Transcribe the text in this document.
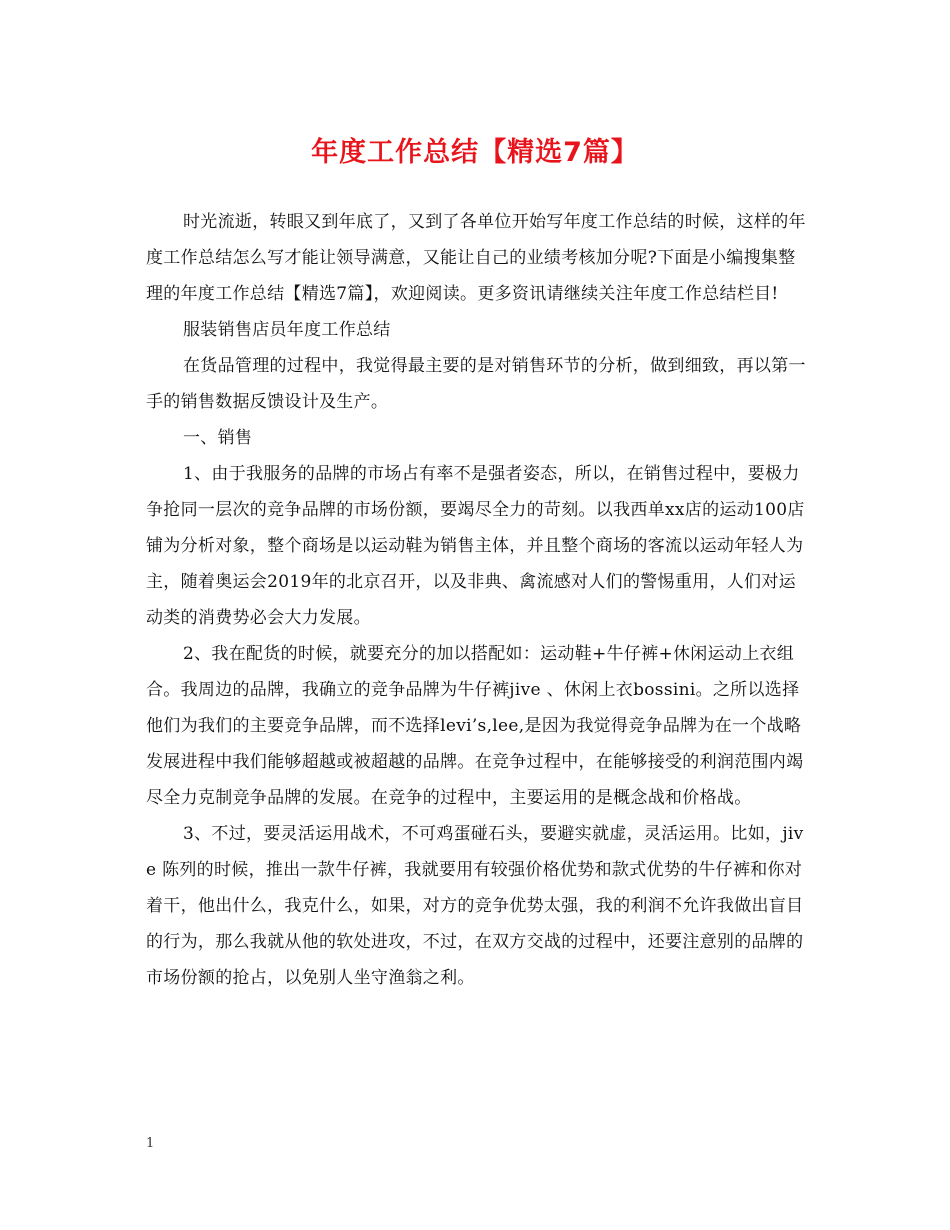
年度工作总结【精选7篇】

时光流逝，转眼又到年底了，又到了各单位开始写年度工作总结的时候，这样的年度工作总结怎么写才能让领导满意，又能让自己的业绩考核加分呢?下面是小编搜集整理的年度工作总结【精选7篇】，欢迎阅读。更多资讯请继续关注年度工作总结栏目!

服装销售店员年度工作总结

在货品管理的过程中，我觉得最主要的是对销售环节的分析，做到细致，再以第一手的销售数据反馈设计及生产。

一、销售

1、由于我服务的品牌的市场占有率不是强者姿态，所以，在销售过程中，要极力争抢同一层次的竞争品牌的市场份额，要竭尽全力的苛刻。以我西单xx店的运动100店铺为分析对象，整个商场是以运动鞋为销售主体，并且整个商场的客流以运动年轻人为主，随着奥运会2019年的北京召开，以及非典、禽流感对人们的警惕重用，人们对运动类的消费势必会大力发展。

2、我在配货的时候，就要充分的加以搭配如：运动鞋+牛仔裤+休闲运动上衣组合。我周边的品牌，我确立的竞争品牌为牛仔裤jive 、休闲上衣bossini。之所以选择他们为我们的主要竞争品牌，而不选择levi’s,lee,是因为我觉得竞争品牌为在一个战略发展进程中我们能够超越或被超越的品牌。在竞争过程中，在能够接受的利润范围内竭尽全力克制竞争品牌的发展。在竞争的过程中，主要运用的是概念战和价格战。

3、不过，要灵活运用战术，不可鸡蛋碰石头，要避实就虚，灵活运用。比如，jive 陈列的时候，推出一款牛仔裤，我就要用有较强价格优势和款式优势的牛仔裤和你对着干，他出什么，我克什么，如果，对方的竞争优势太强，我的利润不允许我做出盲目的行为，那么我就从他的软处进攻，不过，在双方交战的过程中，还要注意别的品牌的市场份额的抢占，以免别人坐守渔翁之利。

1
